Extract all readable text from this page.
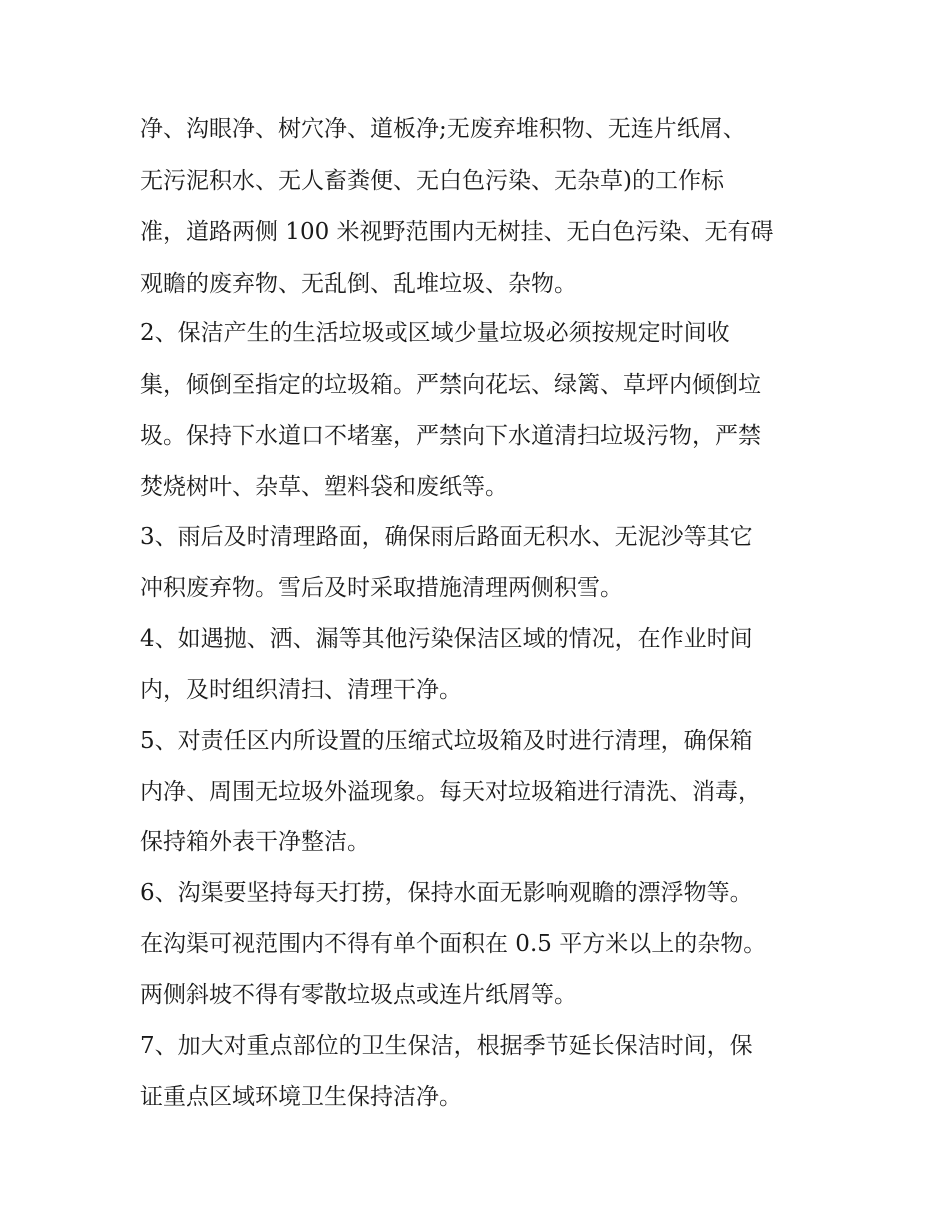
净、沟眼净、树穴净、道板净;无废弃堆积物、无连片纸屑、
无污泥积水、无人畜粪便、无白色污染、无杂草)的工作标
准，道路两侧 100 米视野范围内无树挂、无白色污染、无有碍
观瞻的废弃物、无乱倒、乱堆垃圾、杂物。
2、保洁产生的生活垃圾或区域少量垃圾必须按规定时间收
集，倾倒至指定的垃圾箱。严禁向花坛、绿篱、草坪内倾倒垃
圾。保持下水道口不堵塞，严禁向下水道清扫垃圾污物，严禁
焚烧树叶、杂草、塑料袋和废纸等。
3、雨后及时清理路面，确保雨后路面无积水、无泥沙等其它
冲积废弃物。雪后及时采取措施清理两侧积雪。
4、如遇抛、洒、漏等其他污染保洁区域的情况，在作业时间
内，及时组织清扫、清理干净。
5、对责任区内所设置的压缩式垃圾箱及时进行清理，确保箱
内净、周围无垃圾外溢现象。每天对垃圾箱进行清洗、消毒，
保持箱外表干净整洁。
6、沟渠要坚持每天打捞，保持水面无影响观瞻的漂浮物等。
在沟渠可视范围内不得有单个面积在 0.5 平方米以上的杂物。
两侧斜坡不得有零散垃圾点或连片纸屑等。
7、加大对重点部位的卫生保洁，根据季节延长保洁时间，保
证重点区域环境卫生保持洁净。
